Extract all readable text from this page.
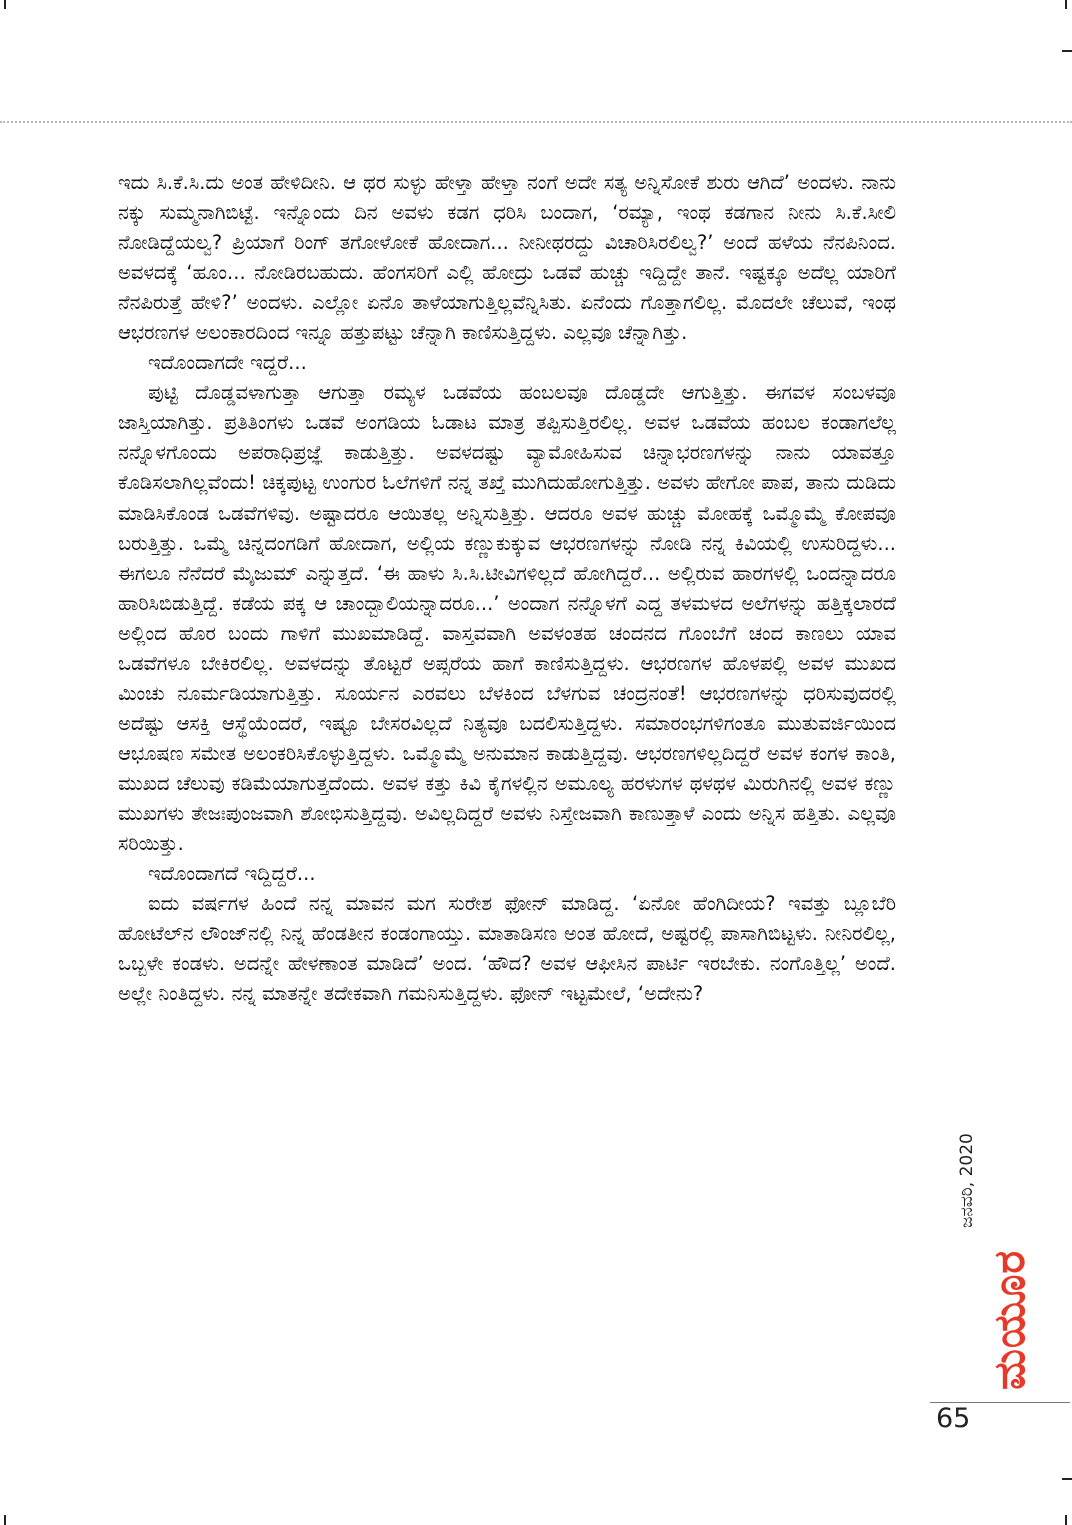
ಇದು ಸಿ.ಕೆ.ಸಿ.ದು ಅಂತ ಹೇಳಿದೀನಿ. ಆ ಥರ ಸುಳ್ಳು ಹೇಳ್ತಾ ಹೇಳ್ತಾ ನಂಗೆ ಅದೇ ಸತ್ಯ ಅನ್ನಿಸೋಕೆ ಶುರು ಆಗಿದೆ’ ಅಂದಳು. ನಾನು ನಕ್ಕು ಸುಮ್ಮನಾಗಿಬಿಟ್ಟೆ. ಇನ್ನೊಂದು ದಿನ ಅವಳು ಕಡಗ ಧರಿಸಿ ಬಂದಾಗ, ‘ರಮ್ಯಾ, ಇಂಥ ಕಡಗಾನ ನೀನು ಸಿ.ಕೆ.ಸೀಲಿ ನೋಡಿದ್ದೆಯಲ್ವ? ಪ್ರಿಯಾಗೆ ರಿಂಗ್ ತಗೋಳೋಕೆ ಹೋದಾಗ... ನೀನೀಥರದ್ದು ವಿಚಾರಿಸಿರಲಿಲ್ವ?’ ಅಂದೆ ಹಳೆಯ ನೆನಪಿನಿಂದ. ಅವಳದಕ್ಕೆ ‘ಹೂಂ... ನೋಡಿರಬಹುದು. ಹೆಂಗಸರಿಗೆ ಎಲ್ಲಿ ಹೋದ್ರು ಒಡವೆ ಹುಚ್ಚು ಇದ್ದಿದ್ದೇ ತಾನೆ. ಇಷ್ಟಕ್ಕೂ ಅದೆಲ್ಲ ಯಾರಿಗೆ ನೆನಪಿರುತ್ತೆ ಹೇಳಿ?’ ಅಂದಳು. ಎಲ್ಲೋ ಏನೊ ತಾಳೆಯಾಗುತ್ತಿಲ್ಲವೆನ್ನಿಸಿತು. ಏನೆಂದು ಗೊತ್ತಾಗಲಿಲ್ಲ. ಮೊದಲೇ ಚೆಲುವೆ, ಇಂಥ ಆಭರಣಗಳ ಅಲಂಕಾರದಿಂದ ಇನ್ನೂ ಹತ್ತುಪಟ್ಟು ಚೆನ್ನಾಗಿ ಕಾಣಿಸುತ್ತಿದ್ದಳು. ಎಲ್ಲವೂ ಚೆನ್ನಾಗಿತ್ತು.

ಇದೊಂದಾಗದೇ ಇದ್ದರೆ...

ಪುಟ್ಟಿ ದೊಡ್ಡವಳಾಗುತ್ತಾ ಆಗುತ್ತಾ ರಮ್ಯಳ ಒಡವೆಯ ಹಂಬಲವೂ ದೊಡ್ಡದೇ ಆಗುತ್ತಿತ್ತು. ಈಗವಳ ಸಂಬಳವೂ ಜಾಸ್ತಿಯಾಗಿತ್ತು. ಪ್ರತಿತಿಂಗಳು ಒಡವೆ ಅಂಗಡಿಯ ಓಡಾಟ ಮಾತ್ರ ತಪ್ಪಿಸುತ್ತಿರಲಿಲ್ಲ. ಅವಳ ಒಡವೆಯ ಹಂಬಲ ಕಂಡಾಗಲೆಲ್ಲ ನನ್ನೊಳಗೊಂದು ಅಪರಾಧಿಪ್ರಜ್ಞೆ ಕಾಡುತ್ತಿತ್ತು. ಅವಳದಷ್ಟು ವ್ಯಾಮೋಹಿಸುವ ಚಿನ್ನಾಭರಣಗಳನ್ನು ನಾನು ಯಾವತ್ತೂ ಕೊಡಿಸಲಾಗಿಲ್ಲವೆಂದು! ಚಿಕ್ಕಪುಟ್ಟ ಉಂಗುರ ಓಲೆಗಳಿಗೆ ನನ್ನ ತಖ್ತೆ ಮುಗಿದುಹೋಗುತ್ತಿತ್ತು. ಅವಳು ಹೇಗೋ ಪಾಪ, ತಾನು ದುಡಿದು ಮಾಡಿಸಿಕೊಂಡ ಒಡವೆಗಳಿವು. ಅಷ್ಟಾದರೂ ಆಯಿತಲ್ಲ ಅನ್ನಿಸುತ್ತಿತ್ತು. ಆದರೂ ಅವಳ ಹುಚ್ಚು ಮೋಹಕ್ಕೆ ಒಮ್ಮೊಮ್ಮೆ ಕೋಪವೂ ಬರುತ್ತಿತ್ತು. ಒಮ್ಮೆ ಚಿನ್ನದಂಗಡಿಗೆ ಹೋದಾಗ, ಅಲ್ಲಿಯ ಕಣ್ಣುಕುಕ್ಕುವ ಆಭರಣಗಳನ್ನು ನೋಡಿ ನನ್ನ ಕಿವಿಯಲ್ಲಿ ಉಸುರಿದ್ದಳು... ಈಗಲೂ ನೆನೆದರೆ ಮೈಜುಮ್ ಎನ್ನುತ್ತದೆ. ‘ಈ ಹಾಳು ಸಿ.ಸಿ.ಟೀವಿಗಳಿಲ್ಲದೆ ಹೋಗಿದ್ದರೆ... ಅಲ್ಲಿರುವ ಹಾರಗಳಲ್ಲಿ ಒಂದನ್ನಾದರೂ ಹಾರಿಸಿಬಿಡುತ್ತಿದ್ದೆ. ಕಡೆಯ ಪಕ್ಕ ಆ ಚಾಂದ್ಬಾಲಿಯನ್ನಾದರೂ...’ ಅಂದಾಗ ನನ್ನೊಳಗೆ ಎದ್ದ ತಳಮಳದ ಅಲೆಗಳನ್ನು ಹತ್ತಿಕ್ಕಲಾರದೆ ಅಲ್ಲಿಂದ ಹೊರ ಬಂದು ಗಾಳಿಗೆ ಮುಖಮಾಡಿದ್ದೆ. ವಾಸ್ತವವಾಗಿ ಅವಳಂತಹ ಚಂದನದ ಗೊಂಬೆಗೆ ಚಂದ ಕಾಣಲು ಯಾವ ಒಡವೆಗಳೂ ಬೇಕಿರಲಿಲ್ಲ. ಅವಳದನ್ನು ತೊಟ್ಟರೆ ಅಪ್ಸರೆಯ ಹಾಗೆ ಕಾಣಿಸುತ್ತಿದ್ದಳು. ಆಭರಣಗಳ ಹೊಳಪಲ್ಲಿ ಅವಳ ಮುಖದ ಮಿಂಚು ನೂರ್ಮಡಿಯಾಗುತ್ತಿತ್ತು. ಸೂರ್ಯನ ಎರವಲು ಬೆಳಕಿಂದ ಬೆಳಗುವ ಚಂದ್ರನಂತೆ! ಆಭರಣಗಳನ್ನು ಧರಿಸುವುದರಲ್ಲಿ ಅದೆಷ್ಟು ಆಸಕ್ತಿ ಆಸ್ಥೆಯೆಂದರೆ, ಇಷ್ಟೂ ಬೇಸರವಿಲ್ಲದೆ ನಿತ್ಯವೂ ಬದಲಿಸುತ್ತಿದ್ದಳು. ಸಮಾರಂಭಗಳಿಗಂತೂ ಮುತುವರ್ಜಿಯಿಂದ ಆಭೂಷಣ ಸಮೇತ ಅಲಂಕರಿಸಿಕೊಳ್ಳುತ್ತಿದ್ದಳು. ಒಮ್ಮೊಮ್ಮೆ ಅನುಮಾನ ಕಾಡುತ್ತಿದ್ದವು. ಆಭರಣಗಳಿಲ್ಲದಿದ್ದರೆ ಅವಳ ಕಂಗಳ ಕಾಂತಿ, ಮುಖದ ಚೆಲುವು ಕಡಿಮೆಯಾಗುತ್ತದೆಂದು. ಅವಳ ಕತ್ತು ಕಿವಿ ಕೈಗಳಲ್ಲಿನ ಅಮೂಲ್ಯ ಹರಳುಗಳ ಥಳಥಳ ಮಿರುಗಿನಲ್ಲಿ ಅವಳ ಕಣ್ಣು ಮುಖಗಳು ತೇಜಃಪುಂಜವಾಗಿ ಶೋಭಿಸುತ್ತಿದ್ದವು. ಅವಿಲ್ಲದಿದ್ದರೆ ಅವಳು ನಿಸ್ತೇಜವಾಗಿ ಕಾಣುತ್ತಾಳೆ ಎಂದು ಅನ್ನಿಸ ಹತ್ತಿತು. ಎಲ್ಲವೂ ಸರಿಯಿತ್ತು.

ಇದೊಂದಾಗದೆ ಇದ್ದಿದ್ದರೆ...

ಐದು ವರ್ಷಗಳ ಹಿಂದೆ ನನ್ನ ಮಾವನ ಮಗ ಸುರೇಶ ಫೋನ್ ಮಾಡಿದ್ದ. ‘ಏನೋ ಹೆಂಗಿದೀಯ? ಇವತ್ತು ಬ್ಲೂಬೆರಿ ಹೋಟೆಲ್‌ನ ಲೌಂಜ್‌ನಲ್ಲಿ ನಿನ್ನ ಹೆಂಡತೀನ ಕಂಡಂಗಾಯ್ತು. ಮಾತಾಡಿಸಣ ಅಂತ ಹೋದೆ, ಅಷ್ಟರಲ್ಲಿ ಪಾಸಾಗಿಬಿಟ್ಟಳು. ನೀನಿರಲಿಲ್ಲ, ಒಬ್ಬಳೇ ಕಂಡಳು. ಅದನ್ನೇ ಹೇಳಣಾಂತ ಮಾಡಿದೆ’ ಅಂದ. ‘ಹೌದ? ಅವಳ ಆಫೀಸಿನ ಪಾರ್ಟಿ ಇರಬೇಕು. ನಂಗೊತ್ತಿಲ್ಲ’ ಅಂದೆ. ಅಲ್ಲೇ ನಿಂತಿದ್ದಳು. ನನ್ನ ಮಾತನ್ನೇ ತದೇಕವಾಗಿ ಗಮನಿಸುತ್ತಿದ್ದಳು. ಫೋನ್ ಇಟ್ಟಮೇಲೆ, ‘ಅದೇನು?

ಜನವರಿ, 2020
ಮಯೂರ
65
